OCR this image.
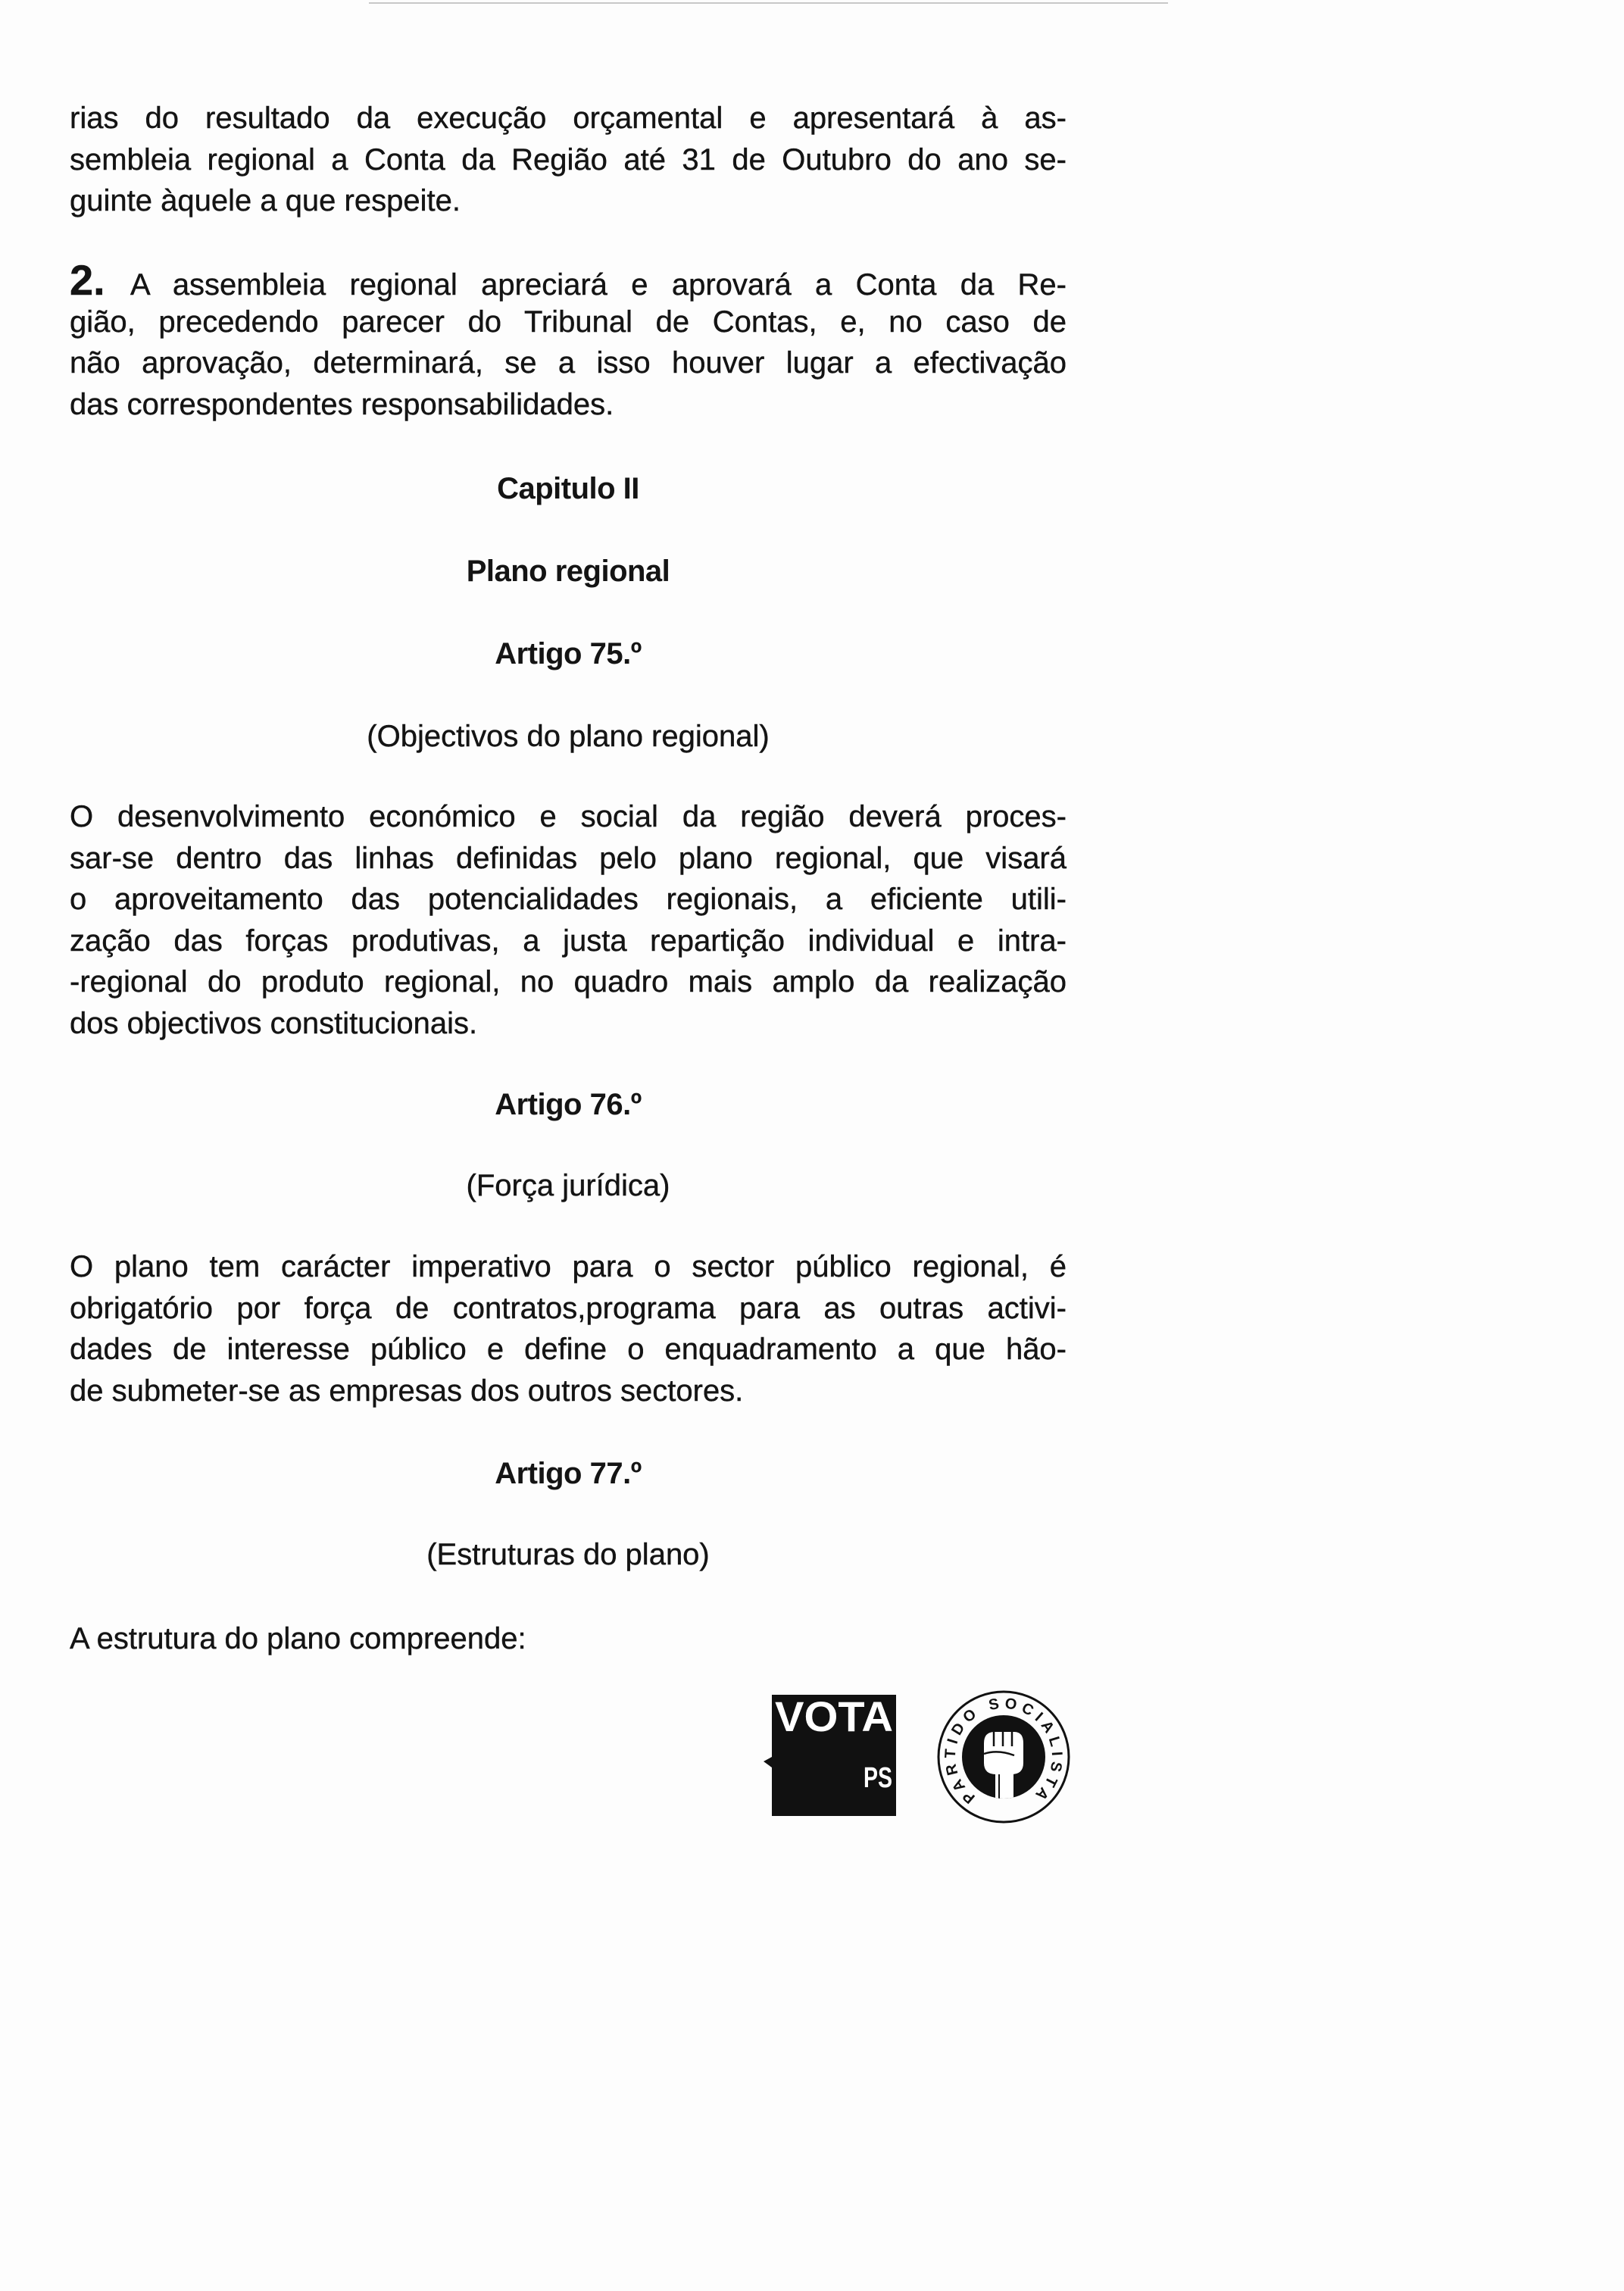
rias do resultado da execução orçamental e apresentará à as-
sembleia regional a Conta da Região até 31 de Outubro do ano se-
guinte àquele a que respeite.
2. A assembleia regional apreciará e aprovará a Conta da Re-
gião, precedendo parecer do Tribunal de Contas, e, no caso de
não aprovação, determinará, se a isso houver lugar a efectivação
das correspondentes responsabilidades.
Capitulo II
Plano regional
Artigo 75.º
(Objectivos do plano regional)
O desenvolvimento económico e social da região deverá proces-
sar-se dentro das linhas definidas pelo plano regional, que visará
o aproveitamento das potencialidades regionais, a eficiente utili-
zação das forças produtivas, a justa repartição individual e intra-
-regional do produto regional, no quadro mais amplo da realização
dos objectivos constitucionais.
Artigo 76.º
(Força jurídica)
O plano tem carácter imperativo para o sector público regional, é
obrigatório por força de contratos,programa para as outras activi-
dades de interesse público e define o enquadramento a que hão-
de submeter-se as empresas dos outros sectores.
Artigo 77.º
(Estruturas do plano)
A estrutura do plano compreende:
VOTA
PS
PARTIDO SOCIALISTA
